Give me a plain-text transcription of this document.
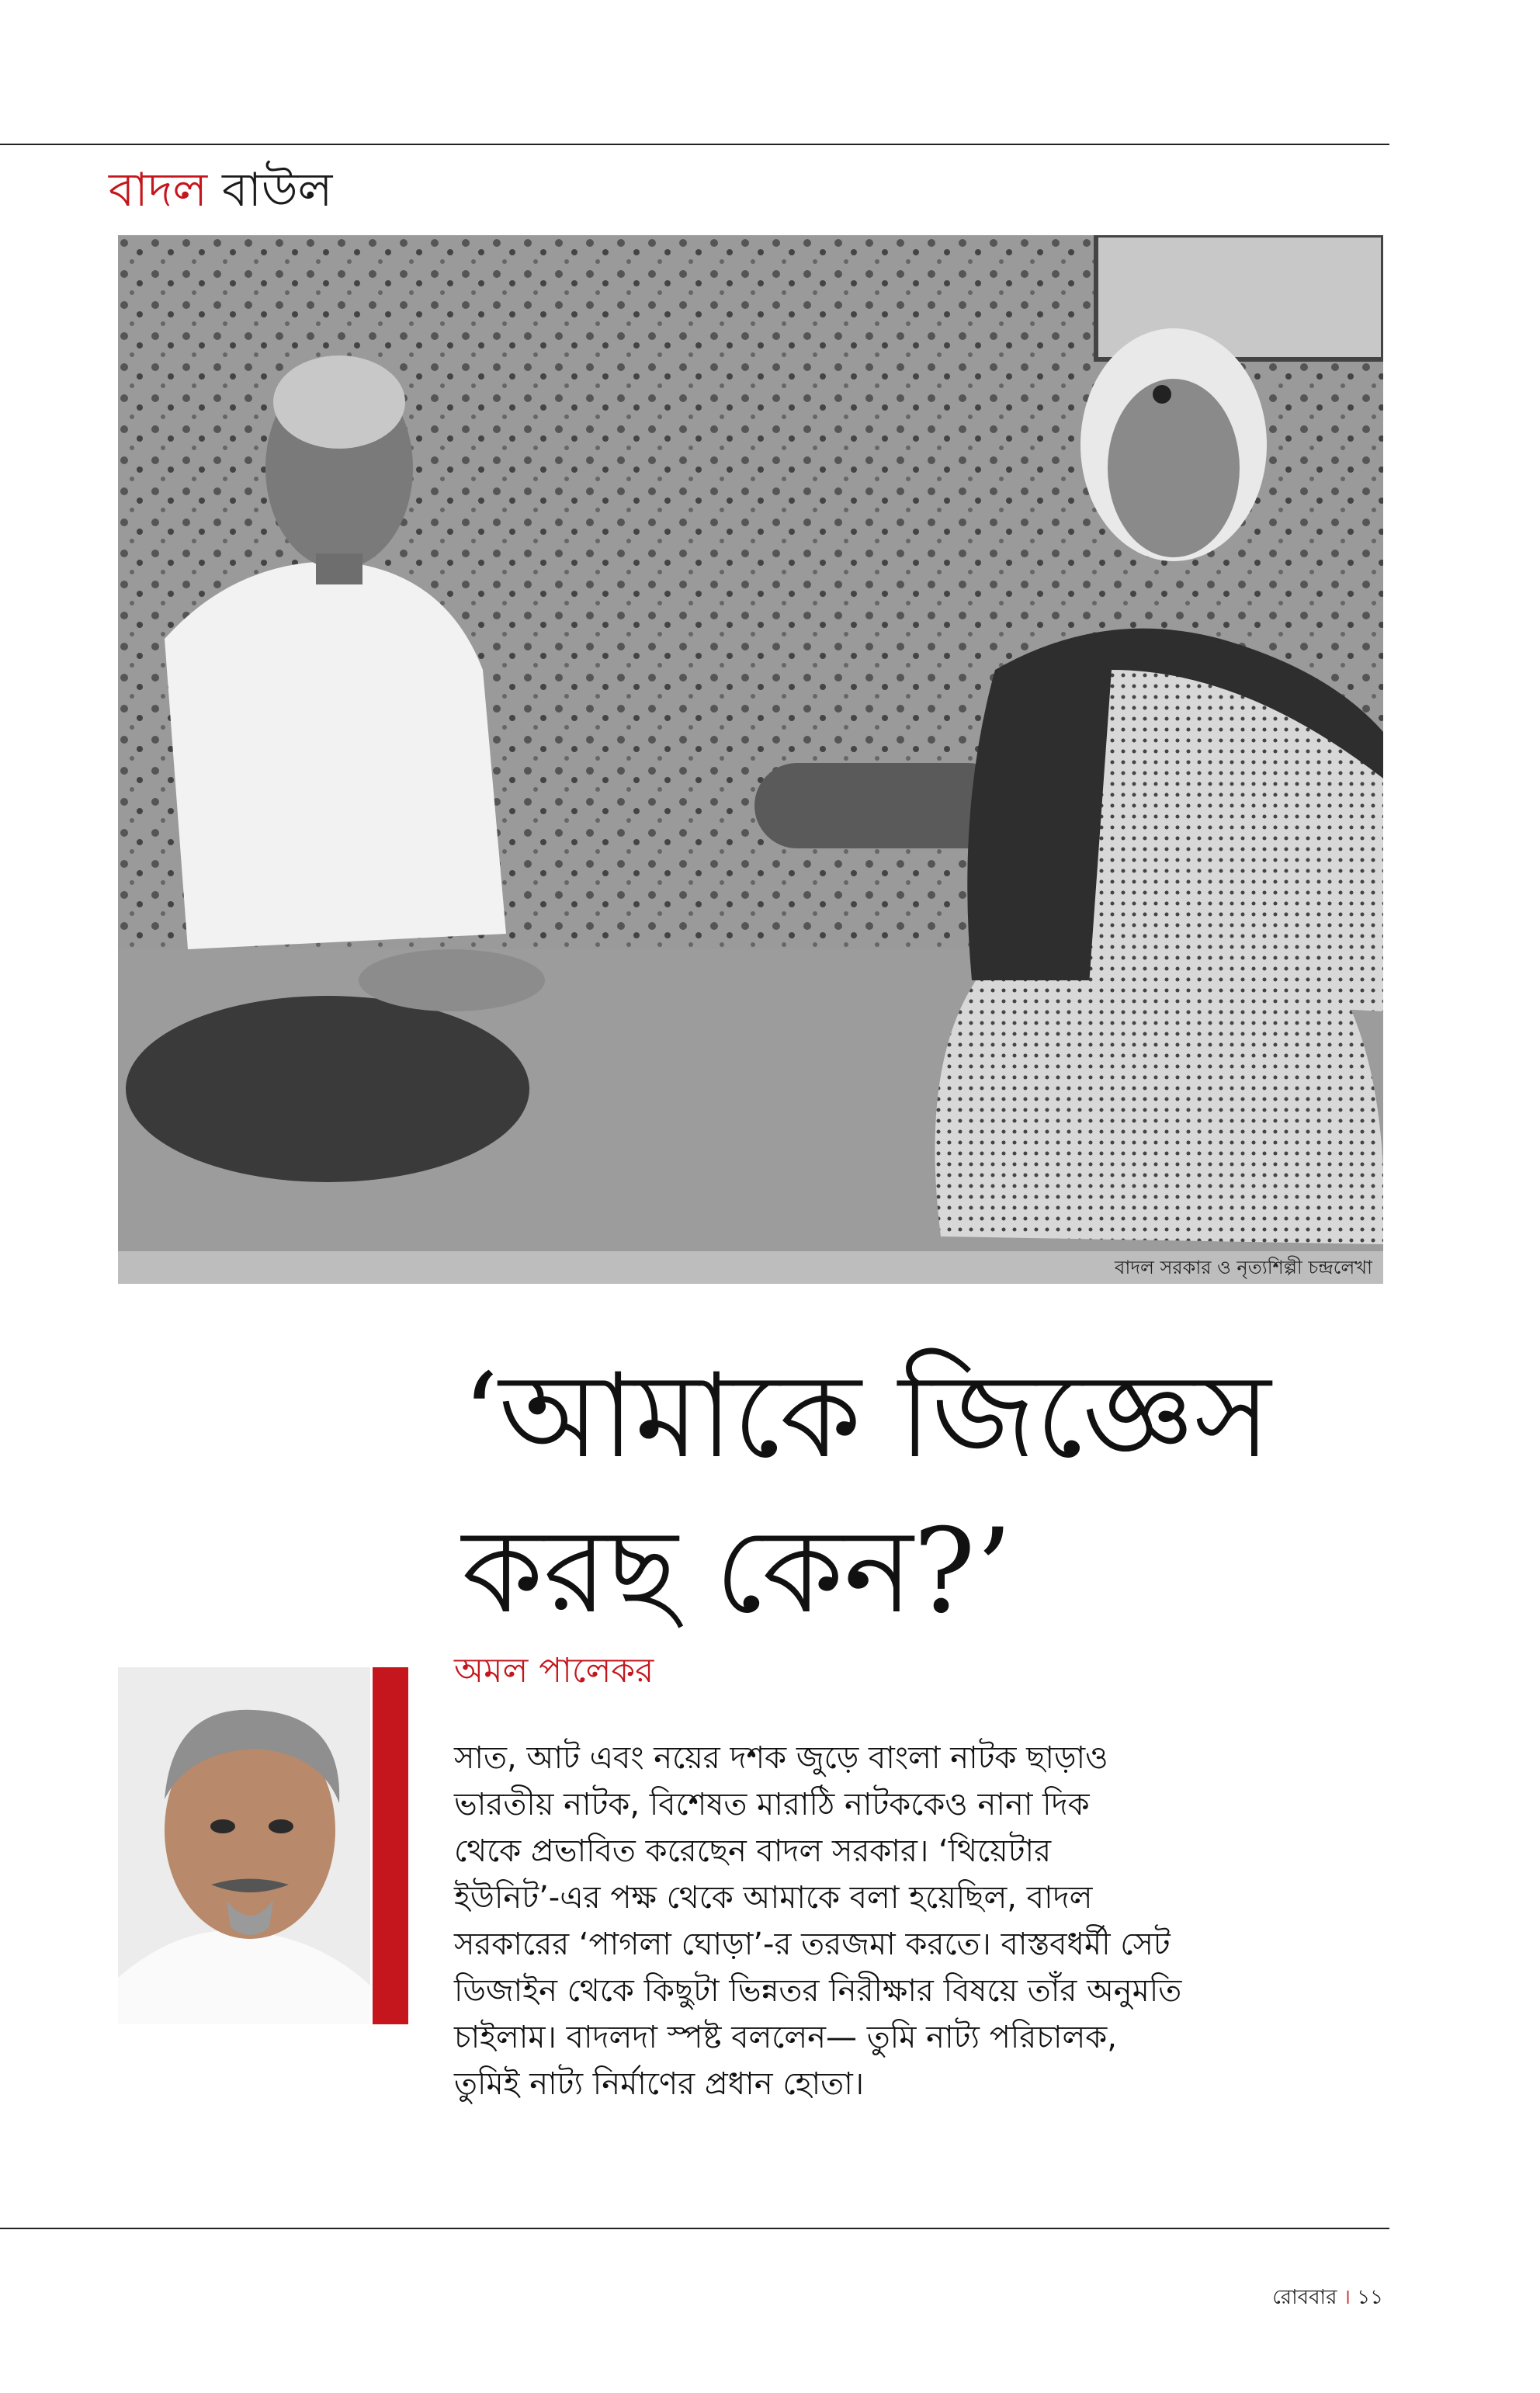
বাদল বাউল
বাদল সরকার ও নৃত্যশিল্পী চন্দ্রলেখা
‘আমাকে জিজ্ঞেস
করছ কেন?’
অমল পালেকর
সাত, আট এবং নয়ের দশক জুড়ে বাংলা নাটক ছাড়াও
ভারতীয় নাটক, বিশেষত মারাঠি নাটককেও নানা দিক
থেকে প্রভাবিত করেছেন বাদল সরকার। ‘থিয়েটার
ইউনিট’-এর পক্ষ থেকে আমাকে বলা হয়েছিল, বাদল
সরকারের ‘পাগলা ঘোড়া’-র তরজমা করতে। বাস্তবধর্মী সেট
ডিজাইন থেকে কিছুটা ভিন্নতর নিরীক্ষার বিষয়ে তাঁর অনুমতি
চাইলাম। বাদলদা স্পষ্ট বললেন— তুমি নাট্য পরিচালক,
তুমিই নাট্য নির্মাণের প্রধান হোতা।
রোববার । ১১
